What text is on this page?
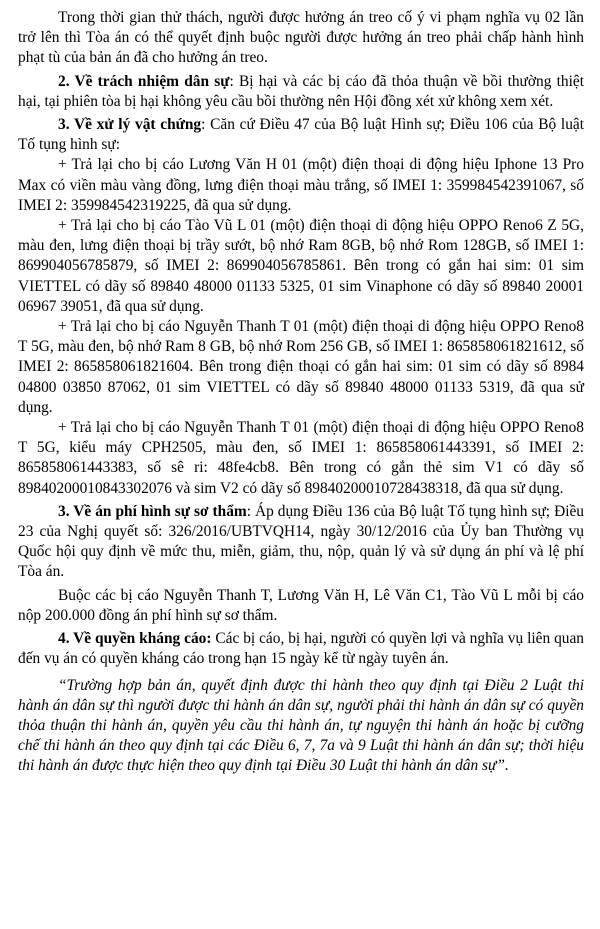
Trong thời gian thử thách, người được hưởng án treo cố ý vi phạm nghĩa vụ 02 lần trở lên thì Tòa án có thể quyết định buộc người được hưởng án treo phải chấp hành hình phạt tù của bản án đã cho hưởng án treo.

2. Về trách nhiệm dân sự: Bị hại và các bị cáo đã thỏa thuận về bồi thường thiệt hại, tại phiên tòa bị hại không yêu cầu bồi thường nên Hội đồng xét xử không xem xét.

3. Về xử lý vật chứng: Căn cứ Điều 47 của Bộ luật Hình sự; Điều 106 của Bộ luật Tố tụng hình sự:

+ Trả lại cho bị cáo Lương Văn H 01 (một) điện thoại di động hiệu Iphone 13 Pro Max có viền màu vàng đồng, lưng điện thoại màu trắng, số IMEI 1: 359984542391067, số IMEI 2: 359984542319225, đã qua sử dụng.

+ Trả lại cho bị cáo Tào Vũ L 01 (một) điện thoại di động hiệu OPPO Reno6 Z 5G, màu đen, lưng điện thoại bị trầy sướt, bộ nhớ Ram 8GB, bộ nhớ Rom 128GB, số IMEI 1: 869904056785879, số IMEI 2: 869904056785861. Bên trong có gắn hai sim: 01 sim VIETTEL có dãy số 89840 48000 01133 5325, 01 sim Vinaphone có dãy số 89840 20001 06967 39051, đã qua sử dụng.

+ Trả lại cho bị cáo Nguyễn Thanh T 01 (một) điện thoại di động hiệu OPPO Reno8 T 5G, màu đen, bộ nhớ Ram 8 GB, bộ nhớ Rom 256 GB, số IMEI 1: 865858061821612, số IMEI 2: 865858061821604. Bên trong điện thoại có gắn hai sim: 01 sim có dãy số 8984 04800 03850 87062, 01 sim VIETTEL có dãy số 89840 48000 01133 5319, đã qua sử dụng.

+ Trả lại cho bị cáo Nguyễn Thanh T 01 (một) điện thoại di động hiệu OPPO Reno8 T 5G, kiểu máy CPH2505, màu đen, số IMEI 1: 865858061443391, số IMEI 2: 865858061443383, số sê ri: 48fe4cb8. Bên trong có gắn thẻ sim V1 có dãy số 89840200010843302076 và sim V2 có dãy số 89840200010728438318, đã qua sử dụng.

3. Về án phí hình sự sơ thẩm: Áp dụng Điều 136 của Bộ luật Tố tụng hình sự; Điều 23 của Nghị quyết số: 326/2016/UBTVQH14, ngày 30/12/2016 của Ủy ban Thường vụ Quốc hội quy định về mức thu, miễn, giảm, thu, nộp, quản lý và sử dụng án phí và lệ phí Tòa án.

Buộc các bị cáo Nguyễn Thanh T, Lương Văn H, Lê Văn C1, Tào Vũ L mỗi bị cáo nộp 200.000 đồng án phí hình sự sơ thẩm.

4. Về quyền kháng cáo: Các bị cáo, bị hại, người có quyền lợi và nghĩa vụ liên quan đến vụ án có quyền kháng cáo trong hạn 15 ngày kể từ ngày tuyên án.

“Trường hợp bản án, quyết định được thi hành theo quy định tại Điều 2 Luật thi hành án dân sự thì người được thi hành án dân sự, người phải thi hành án dân sự có quyền thỏa thuận thi hành án, quyền yêu cầu thi hành án, tự nguyện thi hành án hoặc bị cưỡng chế thi hành án theo quy định tại các Điều 6, 7, 7a và 9 Luật thi hành án dân sự; thời hiệu thi hành án được thực hiện theo quy định tại Điều 30 Luật thi hành án dân sự”.
